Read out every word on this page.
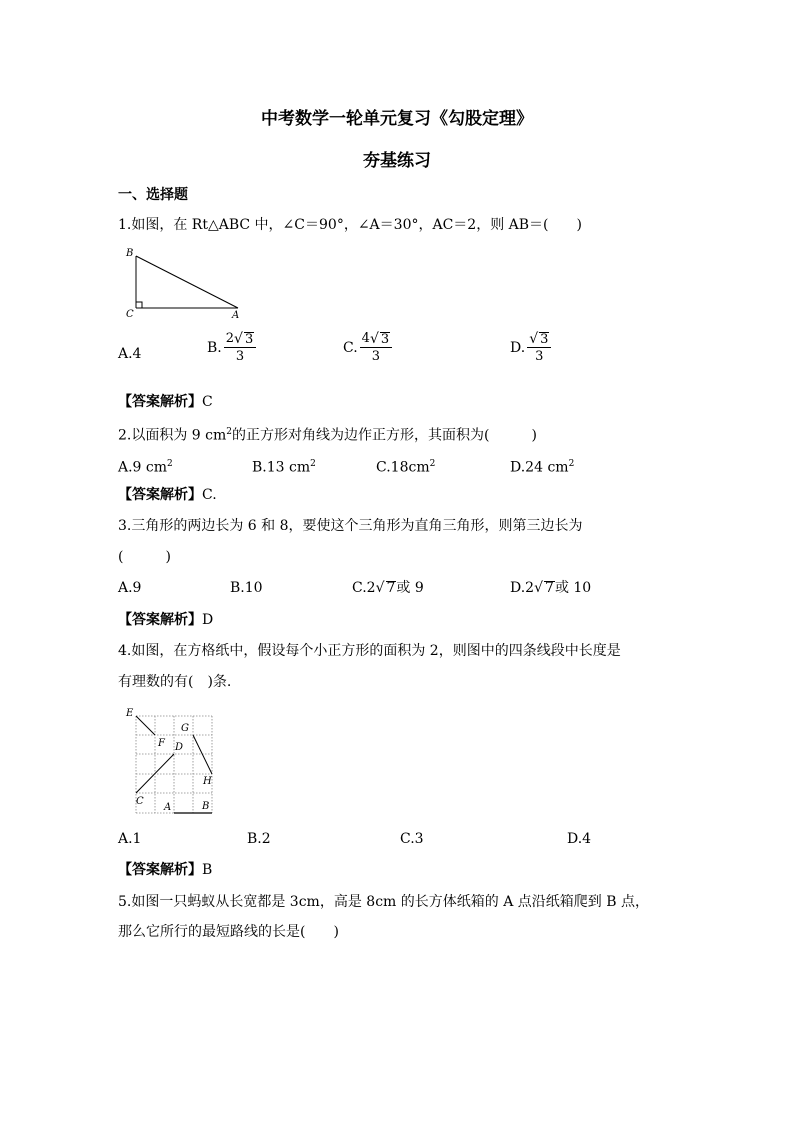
中考数学一轮单元复习《勾股定理》
夯基练习
一、选择题
1.如图，在 Rt△ABC 中，∠C＝90°，∠A＝30°，AC＝2，则 AB＝(　　)
B
C	A
A.4	B. $\frac{2 √ 3}{3}$	C. $\frac{4 √ 3}{3}$	D. $\frac{√ 3}{3}$
【答案解析】C
2.以面积为 9 $cm^2$的正方形对角线为边作正方形，其面积为(　　　)
A.9 $cm^2$	B.13 $cm^2$	$C.18cm^2$	D.24 $cm^2$
【答案解析】C.
3.三角形的两边长为 6 和 8，要使这个三角形为直角三角形，则第三边长为
(　　　)
A.9	B.10	C.2√ 7或 9	D.2√ 7或 10
【答案解析】D
4.如图，在方格纸中，假设每个小正方形的面积为 2，则图中的四条线段中长度是
有理数的有(　)条.
E
F
G
D
H
C
A	B
A.1	B.2	C.3	D.4
【答案解析】B
5.如图一只蚂蚁从长宽都是 3cm，高是 8cm 的长方体纸箱的 A 点沿纸箱爬到 B 点，
那么它所行的最短路线的长是(　　)
